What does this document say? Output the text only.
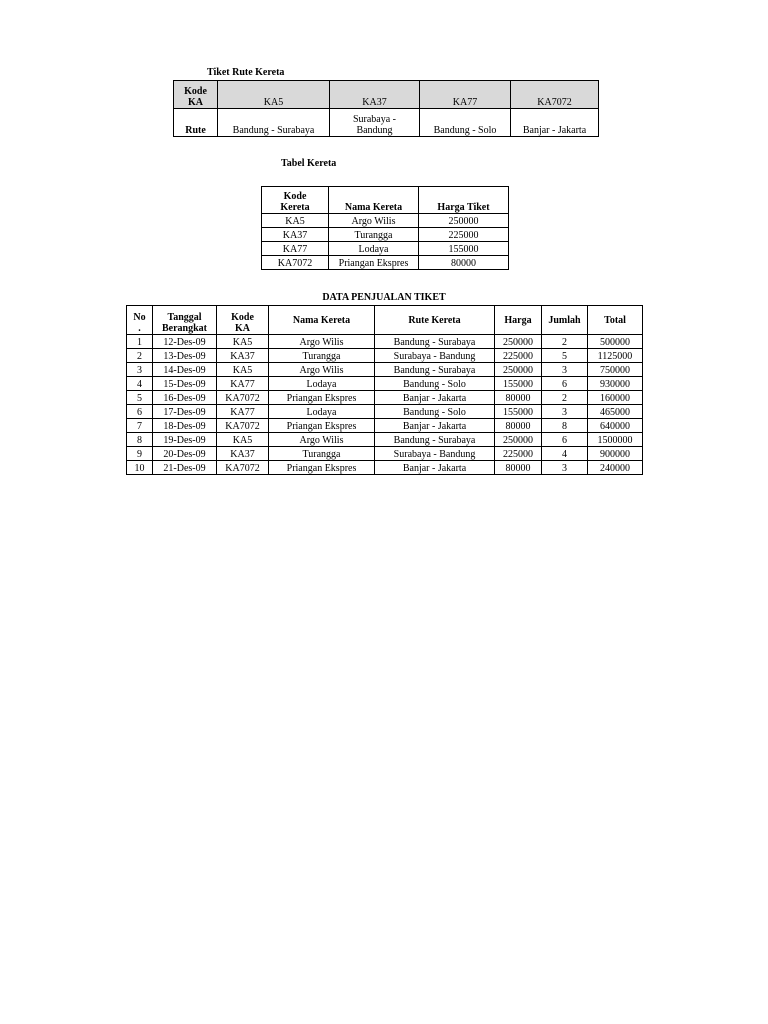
Tiket Rute Kereta
Kode KA	KA5	KA37	KA77	KA7072
Rute	Bandung - Surabaya	Surabaya - Bandung	Bandung - Solo	Banjar - Jakarta
Tabel Kereta
Kode Kereta	Nama Kereta	Harga Tiket
KA5	Argo Wilis	250000
KA37	Turangga	225000
KA77	Lodaya	155000
KA7072	Priangan Ekspres	80000
DATA PENJUALAN TIKET
No .	Tanggal Berangkat	Kode KA	Nama Kereta	Rute Kereta	Harga	Jumlah	Total
1	12-Des-09	KA5	Argo Wilis	Bandung - Surabaya	250000	2	500000
2	13-Des-09	KA37	Turangga	Surabaya - Bandung	225000	5	1125000
3	14-Des-09	KA5	Argo Wilis	Bandung - Surabaya	250000	3	750000
4	15-Des-09	KA77	Lodaya	Bandung - Solo	155000	6	930000
5	16-Des-09	KA7072	Priangan Ekspres	Banjar - Jakarta	80000	2	160000
6	17-Des-09	KA77	Lodaya	Bandung - Solo	155000	3	465000
7	18-Des-09	KA7072	Priangan Ekspres	Banjar - Jakarta	80000	8	640000
8	19-Des-09	KA5	Argo Wilis	Bandung - Surabaya	250000	6	1500000
9	20-Des-09	KA37	Turangga	Surabaya - Bandung	225000	4	900000
10	21-Des-09	KA7072	Priangan Ekspres	Banjar - Jakarta	80000	3	240000
